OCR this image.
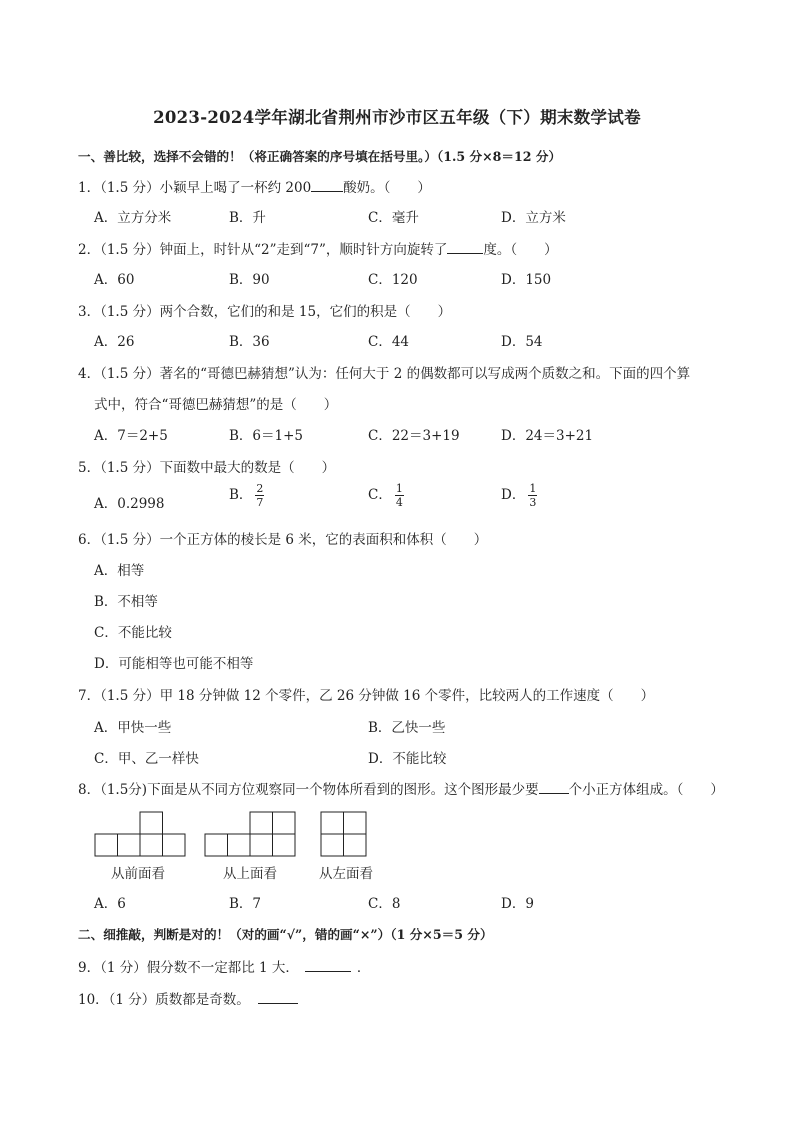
2023-2024学年湖北省荆州市沙市区五年级（下）期末数学试卷
一、善比较，选择不会错的！（将正确答案的序号填在括号里。）（1.5 分×8＝12 分）
1．（1.5 分）小颖早上喝了一杯约 200 酸奶。（　　）
A．立方分米	B．升	C．毫升	D．立方米
2．（1.5 分）钟面上，时针从“2”走到“7”，顺时针方向旋转了	度。（　　）
A．60	B．90	C．120	D．150
3．（1.5 分）两个合数，它们的和是 15，它们的积是（　　）
A．26	B．36	C．44	D．54
4．（1.5 分）著名的“哥德巴赫猜想”认为：任何大于 2 的偶数都可以写成两个质数之和。下面的四个算
式中，符合“哥德巴赫猜想”的是（　　）
A．7＝2+5	B．6＝1+5	C．22＝3+19	D．24＝3+21
5．（1.5 分）下面数中最大的数是（　　）
A．0.2998
B． $\frac{2}{7}$	C． $\frac{1}{4}$	D． $\frac{1}{3}$
6．（1.5 分）一个正方体的棱长是 6 米，它的表面积和体积（　　）
A．相等
B．不相等
C．不能比较
D．可能相等也可能不相等
7．（1.5 分）甲 18 分钟做 12 个零件，乙 26 分钟做 16 个零件，比较两人的工作速度（　　）
A．甲快一些	B．乙快一些
C．甲、乙一样快	D．不能比较
8．（1.5分)下面是从不同方位观察同一个物体所看到的图形。这个图形最少要 个小正方体组成。（　　）
从前面看	从上面看	从左面看
A．6	B．7	C．8	D．9
二、细推敲，判断是对的！（对的画“√”，错的画“×”）（1 分×5＝5 分）
9．（1 分）假分数不一定都比 1 大．	．
10．（1 分）质数都是奇数。
